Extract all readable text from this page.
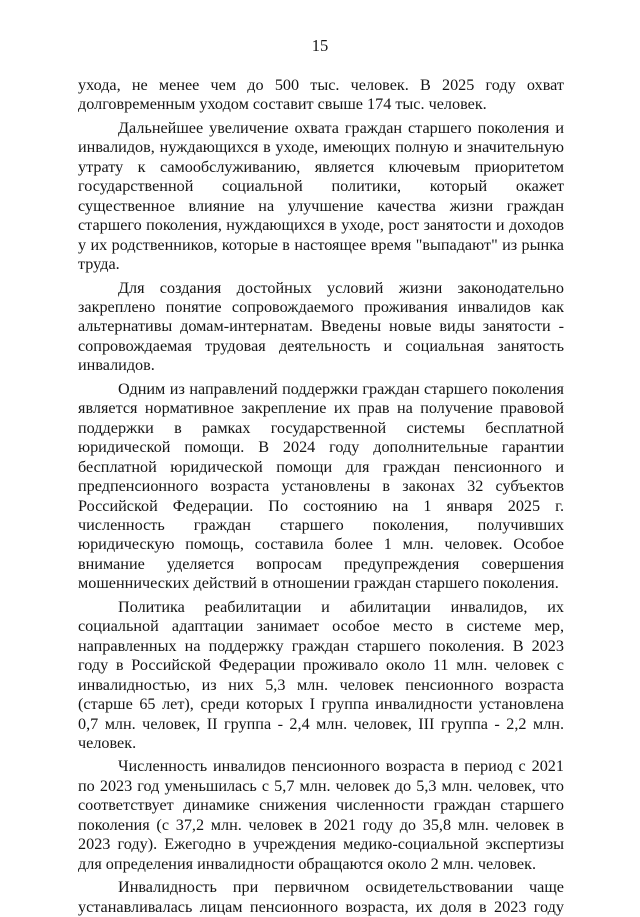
15

ухода, не менее чем до 500 тыс. человек. В 2025 году охват долговременным уходом составит свыше 174 тыс. человек.

Дальнейшее увеличение охвата граждан старшего поколения и инвалидов, нуждающихся в уходе, имеющих полную и значительную утрату к самообслуживанию, является ключевым приоритетом государственной социальной политики, который окажет существенное влияние на улучшение качества жизни граждан старшего поколения, нуждающихся в уходе, рост занятости и доходов у их родственников, которые в настоящее время "выпадают" из рынка труда.

Для создания достойных условий жизни законодательно закреплено понятие сопровождаемого проживания инвалидов как альтернативы домам-интернатам. Введены новые виды занятости - сопровождаемая трудовая деятельность и социальная занятость инвалидов.

Одним из направлений поддержки граждан старшего поколения является нормативное закрепление их прав на получение правовой поддержки в рамках государственной системы бесплатной юридической помощи. В 2024 году дополнительные гарантии бесплатной юридической помощи для граждан пенсионного и предпенсионного возраста установлены в законах 32 субъектов Российской Федерации. По состоянию на 1 января 2025 г. численность граждан старшего поколения, получивших юридическую помощь, составила более 1 млн. человек. Особое внимание уделяется вопросам предупреждения совершения мошеннических действий в отношении граждан старшего поколения.

Политика реабилитации и абилитации инвалидов, их социальной адаптации занимает особое место в системе мер, направленных на поддержку граждан старшего поколения. В 2023 году в Российской Федерации проживало около 11 млн. человек с инвалидностью, из них 5,3 млн. человек пенсионного возраста (старше 65 лет), среди которых I группа инвалидности установлена 0,7 млн. человек, II группа - 2,4 млн. человек, III группа - 2,2 млн. человек.

Численность инвалидов пенсионного возраста в период с 2021 по 2023 год уменьшилась с 5,7 млн. человек до 5,3 млн. человек, что соответствует динамике снижения численности граждан старшего поколения (с 37,2 млн. человек в 2021 году до 35,8 млн. человек в 2023 году). Ежегодно в учреждения медико-социальной экспертизы для определения инвалидности обращаются около 2 млн. человек.

Инвалидность при первичном освидетельствовании чаще устанавливалась лицам пенсионного возраста, их доля в 2023 году
